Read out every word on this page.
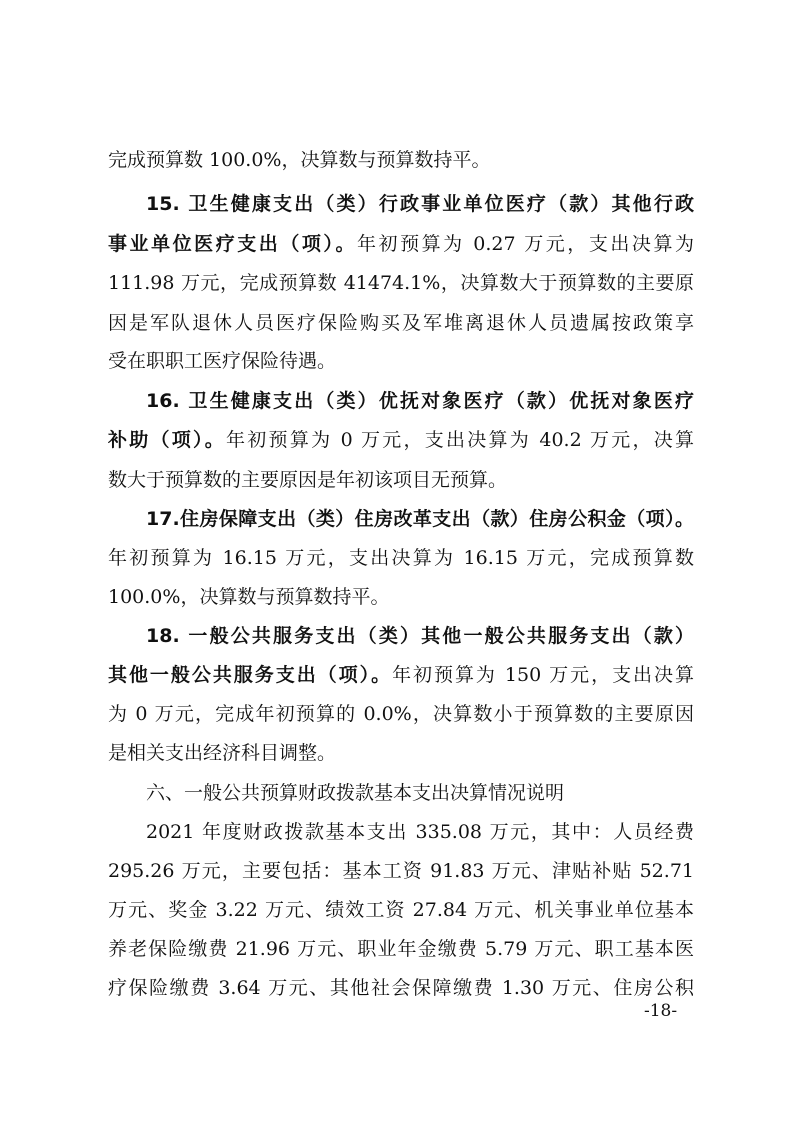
完成预算数 100.0%，决算数与预算数持平。
15. 卫生健康支出（类）行政事业单位医疗（款）其他行政
事业单位医疗支出（项）。年初预算为 0.27 万元，支出决算为
111.98 万元，完成预算数 41474.1%，决算数大于预算数的主要原
因是军队退休人员医疗保险购买及军堆离退休人员遗属按政策享
受在职职工医疗保险待遇。
16. 卫生健康支出（类）优抚对象医疗（款）优抚对象医疗
补助（项）。年初预算为 0 万元，支出决算为 40.2 万元，决算
数大于预算数的主要原因是年初该项目无预算。
17.住房保障支出（类）住房改革支出（款）住房公积金（项）。
年初预算为 16.15 万元，支出决算为 16.15 万元，完成预算数
100.0%，决算数与预算数持平。
18. 一般公共服务支出（类）其他一般公共服务支出（款）
其他一般公共服务支出（项）。年初预算为 150 万元，支出决算
为 0 万元，完成年初预算的 0.0%，决算数小于预算数的主要原因
是相关支出经济科目调整。
六、一般公共预算财政拨款基本支出决算情况说明
2021 年度财政拨款基本支出 335.08 万元，其中：人员经费
295.26 万元，主要包括：基本工资 91.83 万元、津贴补贴 52.71
万元、奖金 3.22 万元、绩效工资 27.84 万元、机关事业单位基本
养老保险缴费 21.96 万元、职业年金缴费 5.79 万元、职工基本医
疗保险缴费 3.64 万元、其他社会保障缴费 1.30 万元、住房公积
-18-
